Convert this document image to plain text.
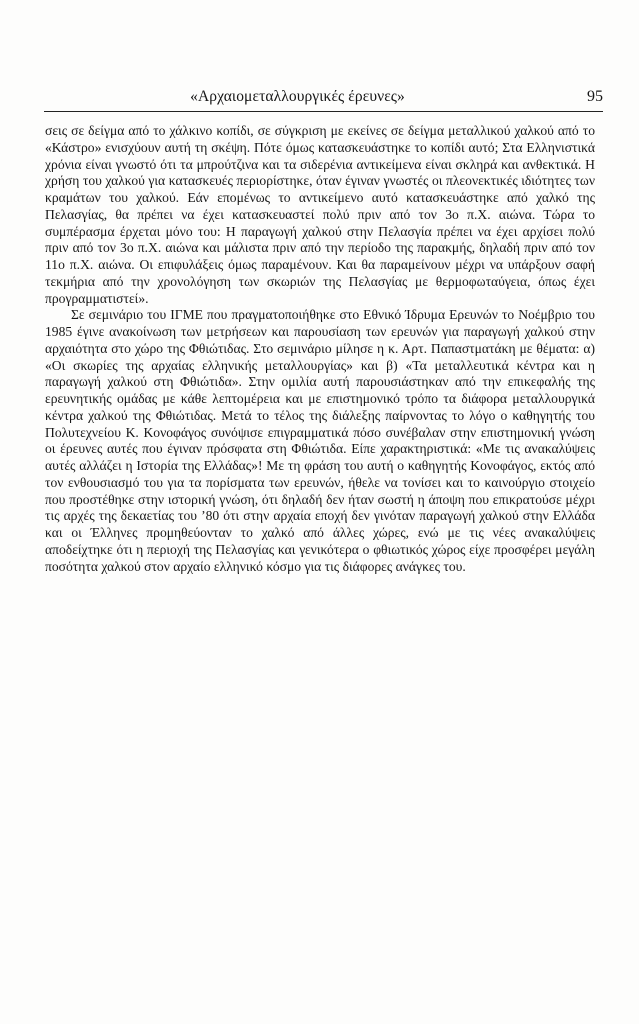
«Αρχαιομεταλλουργικές έρευνες»	95

σεις σε δείγμα από το χάλκινο κοπίδι, σε σύγκριση με εκείνες σε δείγμα μεταλλικού χαλκού από το «Κάστρο» ενισχύουν αυτή τη σκέψη. Πότε όμως κατασκευάστηκε το κοπίδι αυτό; Στα Ελληνιστικά χρόνια είναι γνωστό ότι τα μπρούτζινα και τα σιδερένια αντικείμενα είναι σκληρά και ανθεκτικά. Η χρήση του χαλκού για κατασκευές περιορίστηκε, όταν έγιναν γνωστές οι πλεονεκτικές ιδιότητες των κραμάτων του χαλκού. Εάν επομένως το αντικείμενο αυτό κατασκευάστηκε από χαλκό της Πελασγίας, θα πρέπει να έχει κατασκευαστεί πολύ πριν από τον 3ο π.Χ. αιώνα. Τώρα το συμπέρασμα έρχεται μόνο του: Η παραγωγή χαλκού στην Πελασγία πρέπει να έχει αρχίσει πολύ πριν από τον 3ο π.Χ. αιώνα και μάλιστα πριν από την περίοδο της παρακμής, δηλαδή πριν από τον 11ο π.Χ. αιώνα. Οι επιφυλάξεις όμως παραμένουν. Και θα παραμείνουν μέχρι να υπάρξουν σαφή τεκμήρια από την χρονολόγηση των σκωριών της Πελασγίας με θερμοφωταύγεια, όπως έχει προγραμματιστεί».

Σε σεμινάριο του ΙΓΜΕ που πραγματοποιήθηκε στο Εθνικό Ίδρυμα Ερευνών το Νοέμβριο του 1985 έγινε ανακοίνωση των μετρήσεων και παρουσίαση των ερευνών για παραγωγή χαλκού στην αρχαιότητα στο χώρο της Φθιώτιδας. Στο σεμινάριο μίλησε η κ. Αρτ. Παπαστματάκη με θέματα: α) «Οι σκωρίες της αρχαίας ελληνικής μεταλλουργίας» και β) «Τα μεταλλευτικά κέντρα και η παραγωγή χαλκού στη Φθιώτιδα». Στην ομιλία αυτή παρουσιάστηκαν από την επικεφαλής της ερευνητικής ομάδας με κάθε λεπτομέρεια και με επιστημονικό τρόπο τα διάφορα μεταλλουργικά κέντρα χαλκού της Φθιώτιδας. Μετά το τέλος της διάλεξης παίρνοντας το λόγο ο καθηγητής του Πολυτεχνείου Κ. Κονοφάγος συνόψισε επιγραμματικά πόσο συνέβαλαν στην επιστημονική γνώση οι έρευνες αυτές που έγιναν πρόσφατα στη Φθιώτιδα. Είπε χαρακτηριστικά: «Με τις ανακαλύψεις αυτές αλλάζει η Ιστορία της Ελλάδας»! Με τη φράση του αυτή ο καθηγητής Κονοφάγος, εκτός από τον ενθουσιασμό του για τα πορίσματα των ερευνών, ήθελε να τονίσει και το καινούργιο στοιχείο που προστέθηκε στην ιστορική γνώση, ότι δηλαδή δεν ήταν σωστή η άποψη που επικρατούσε μέχρι τις αρχές της δεκαετίας του ’80 ότι στην αρχαία εποχή δεν γινόταν παραγωγή χαλκού στην Ελλάδα και οι Έλληνες προμηθεύονταν το χαλκό από άλλες χώρες, ενώ με τις νέες ανακαλύψεις αποδείχτηκε ότι η περιοχή της Πελασγίας και γενικότερα ο φθιωτικός χώρος είχε προσφέρει μεγάλη ποσότητα χαλκού στον αρχαίο ελληνικό κόσμο για τις διάφορες ανάγκες του.
